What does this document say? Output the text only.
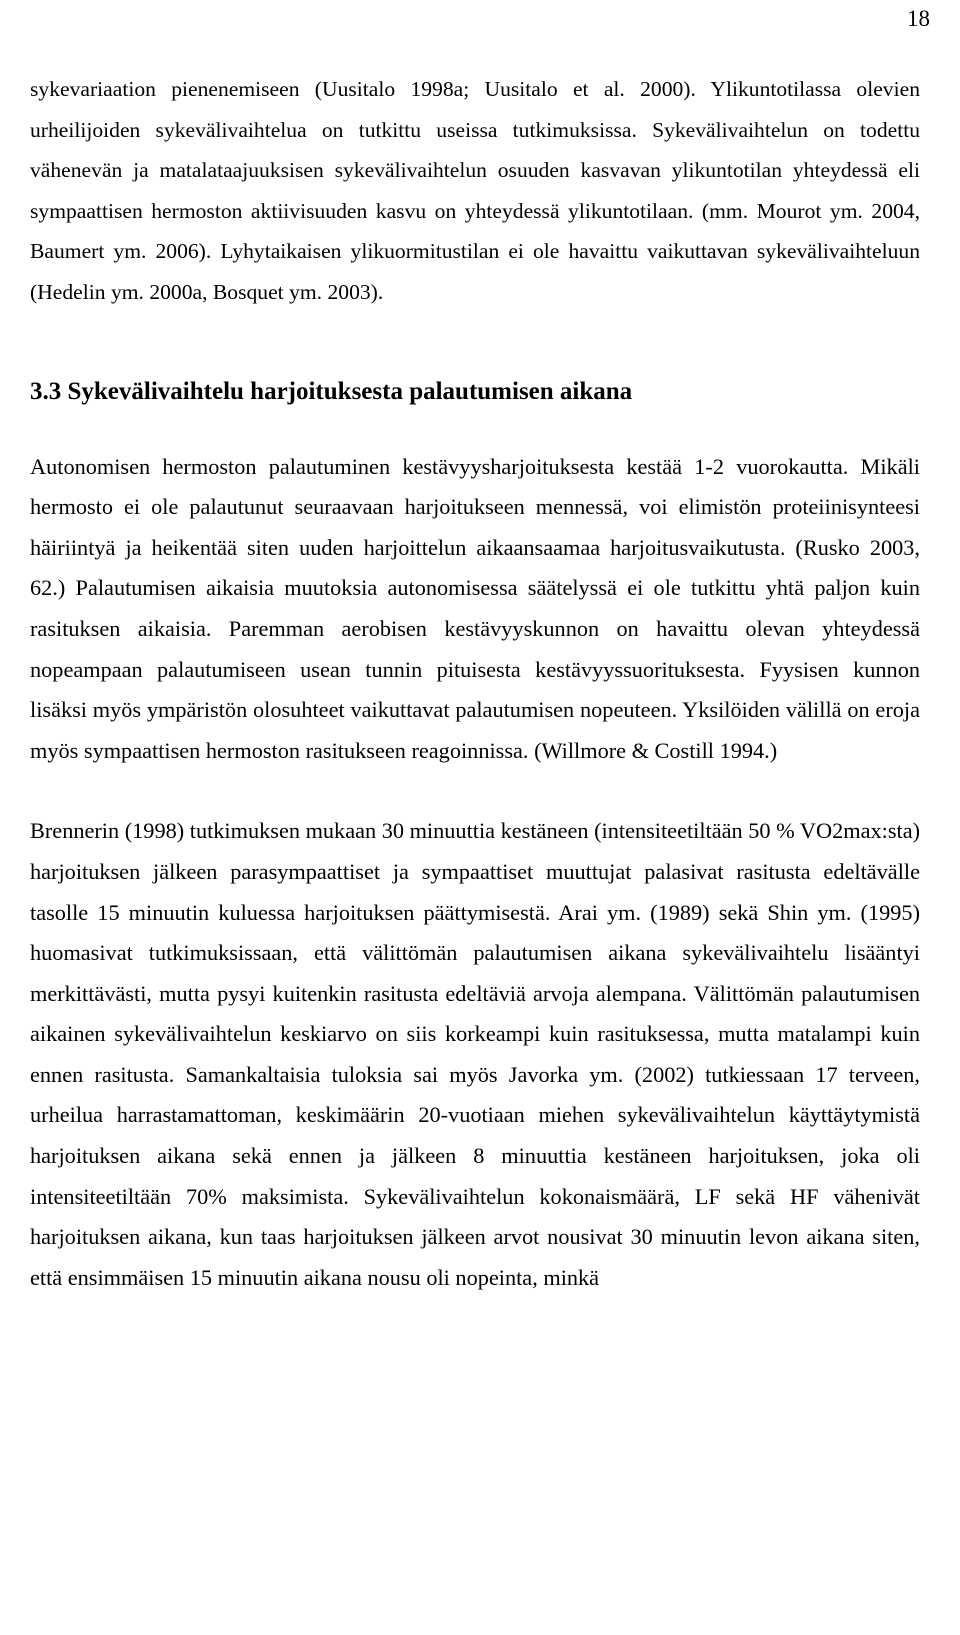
18

sykevariaation pienenemiseen (Uusitalo 1998a; Uusitalo et al. 2000). Ylikuntotilassa olevien urheilijoiden sykevälivaihtelua on tutkittu useissa tutkimuksissa. Sykevälivaihtelun on todettu vähenevän ja matalataajuuksisen sykevälivaihtelun osuuden kasvavan ylikuntotilan yhteydessä eli sympaattisen hermoston aktiivisuuden kasvu on yhteydessä ylikuntotilaan. (mm. Mourot ym. 2004, Baumert ym. 2006). Lyhytaikaisen ylikuormitustilan ei ole havaittu vaikuttavan sykevälivaihteluun (Hedelin ym. 2000a, Bosquet ym. 2003).

3.3 Sykevälivaihtelu harjoituksesta palautumisen aikana

Autonomisen hermoston palautuminen kestävyysharjoituksesta kestää 1-2 vuorokautta. Mikäli hermosto ei ole palautunut seuraavaan harjoitukseen mennessä, voi elimistön proteiinisynteesi häiriintyä ja heikentää siten uuden harjoittelun aikaansaamaa harjoitusvaikutusta. (Rusko 2003, 62.) Palautumisen aikaisia muutoksia autonomisessa säätelyssä ei ole tutkittu yhtä paljon kuin rasituksen aikaisia. Paremman aerobisen kestävyyskunnon on havaittu olevan yhteydessä nopeampaan palautumiseen usean tunnin pituisesta kestävyyssuorituksesta. Fyysisen kunnon lisäksi myös ympäristön olosuhteet vaikuttavat palautumisen nopeuteen. Yksilöiden välillä on eroja myös sympaattisen hermoston rasitukseen reagoinnissa. (Willmore & Costill 1994.)

Brennerin (1998) tutkimuksen mukaan 30 minuuttia kestäneen (intensiteetiltään 50 % VO2max:sta) harjoituksen jälkeen parasympaattiset ja sympaattiset muuttujat palasivat rasitusta edeltävälle tasolle 15 minuutin kuluessa harjoituksen päättymisestä. Arai ym. (1989) sekä Shin ym. (1995) huomasivat tutkimuksissaan, että välittömän palautumisen aikana sykevälivaihtelu lisääntyi merkittävästi, mutta pysyi kuitenkin rasitusta edeltäviä arvoja alempana. Välittömän palautumisen aikainen sykevälivaihtelun keskiarvo on siis korkeampi kuin rasituksessa, mutta matalampi kuin ennen rasitusta. Samankaltaisia tuloksia sai myös Javorka ym. (2002) tutkiessaan 17 terveen, urheilua harrastamattoman, keskimäärin 20-vuotiaan miehen sykevälivaihtelun käyttäytymistä harjoituksen aikana sekä ennen ja jälkeen 8 minuuttia kestäneen harjoituksen, joka oli intensiteetiltään 70% maksimista. Sykevälivaihtelun kokonaismäärä, LF sekä HF vähenivät harjoituksen aikana, kun taas harjoituksen jälkeen arvot nousivat 30 minuutin levon aikana siten, että ensimmäisen 15 minuutin aikana nousu oli nopeinta, minkä
